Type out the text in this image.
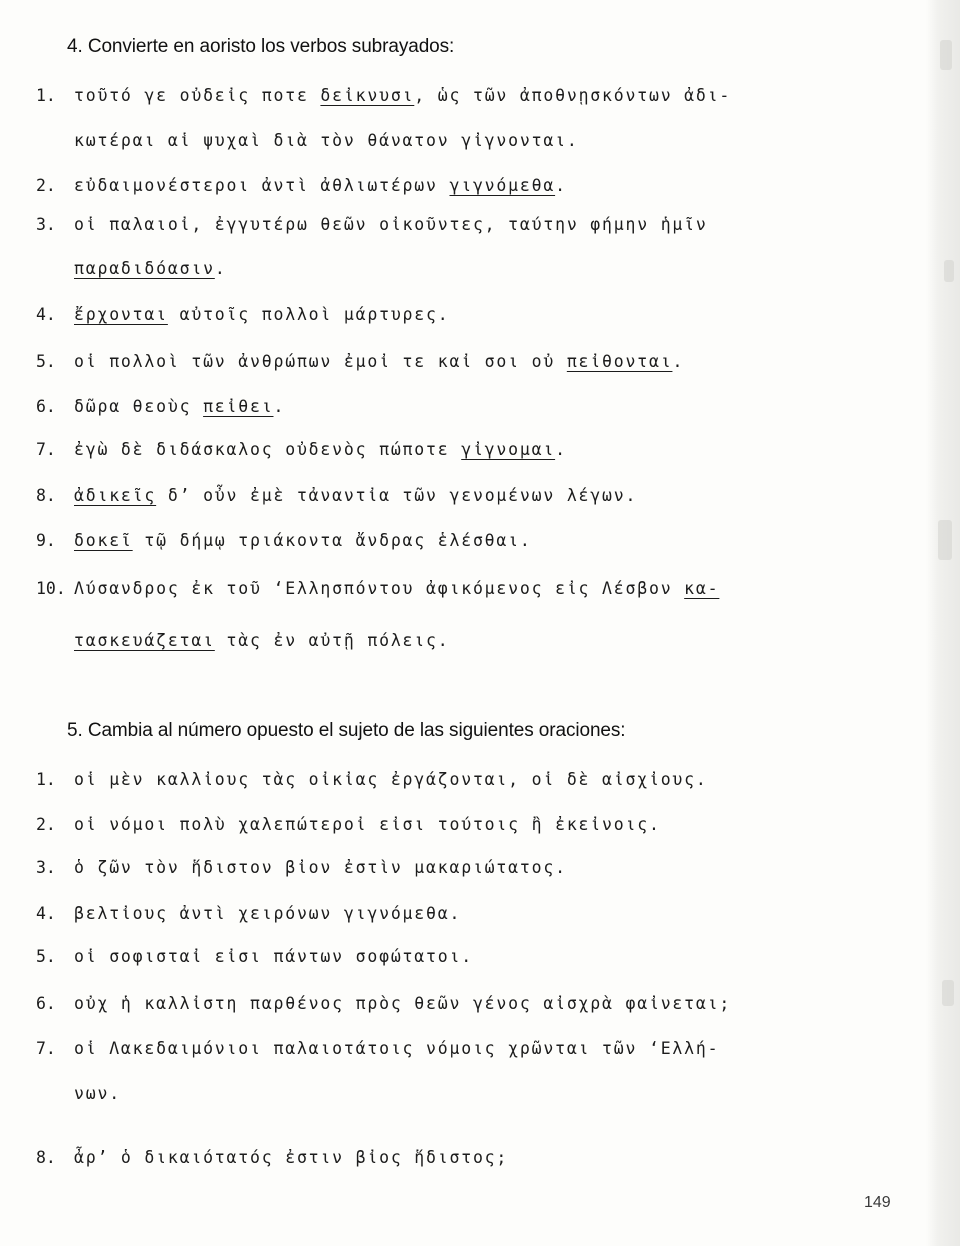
4. Convierte en aoristo los verbos subrayados:
1. τοῦτό γε οὐδεἰς ποτε δεἰκνυσι, ὡς τῶν ἀποθνῃσκόντων ἀδι-
κωτέραι αἱ ψυχαὶ διὰ τὸν θάνατον γἰγνονται.
2. εὐδαιμονέστεροι ἀντὶ ἀθλιωτέρων γιγνόμεθα.
3. οἱ παλαιοἰ, ἐγγυτέρω θεῶν οἰκοῦντες, ταύτην φήμην ἡμῖν
παραδιδόασιν.
4. ἔρχονται αὐτοῖς πολλοὶ μάρτυρες.
5. οἱ πολλοὶ τῶν ἀνθρώπων ἐμοἰ τε καἰ σοι οὐ πεἰθονται.
6. δῶρα θεοὺς πεἰθει.
7. ἐγὼ δὲ διδάσκαλος οὐδενὸς πώποτε γἰγνομαι.
8. ἀδικεῖς δ’ οὖν ἐμὲ τἀναντἰα τῶν γενομένων λέγων.
9. δοκεῖ τῷ δήμῳ τριάκοντα ἄνδρας ἑλέσθαι.
10. Λύσανδρος ἐκ τοῦ ‘Ελλησπόντου ἀφικόμενος εἰς Λέσβον κα-
τασκευάζεται τὰς ἐν αὐτῇ πόλεις.
5. Cambia al número opuesto el sujeto de las siguientes oraciones:
1. οἱ μὲν καλλἰους τὰς οἰκἰας ἐργάζονται, οἱ δὲ αἰσχἰους.
2. οἱ νόμοι πολὺ χαλεπώτεροἰ εἰσι τούτοις ἢ ἐκεἰνοις.
3. ὁ ζῶν τὸν ἥδιστον βἰον ἐστὶν μακαριώτατος.
4. βελτἰους ἀντὶ χειρόνων γιγνόμεθα.
5. οἱ σοφισταἰ εἰσι πάντων σοφώτατοι.
6. οὐχ ἡ καλλἰστη παρθένος πρὸς θεῶν γένος αἰσχρὰ φαἰνεται;
7. οἱ Λακεδαιμόνιοι παλαιοτάτοις νόμοις χρῶνται τῶν ‘Ελλή-
νων.
8. ἆρ’ ὁ δικαιότατός ἐστιν βἰος ἥδιστος;
149
